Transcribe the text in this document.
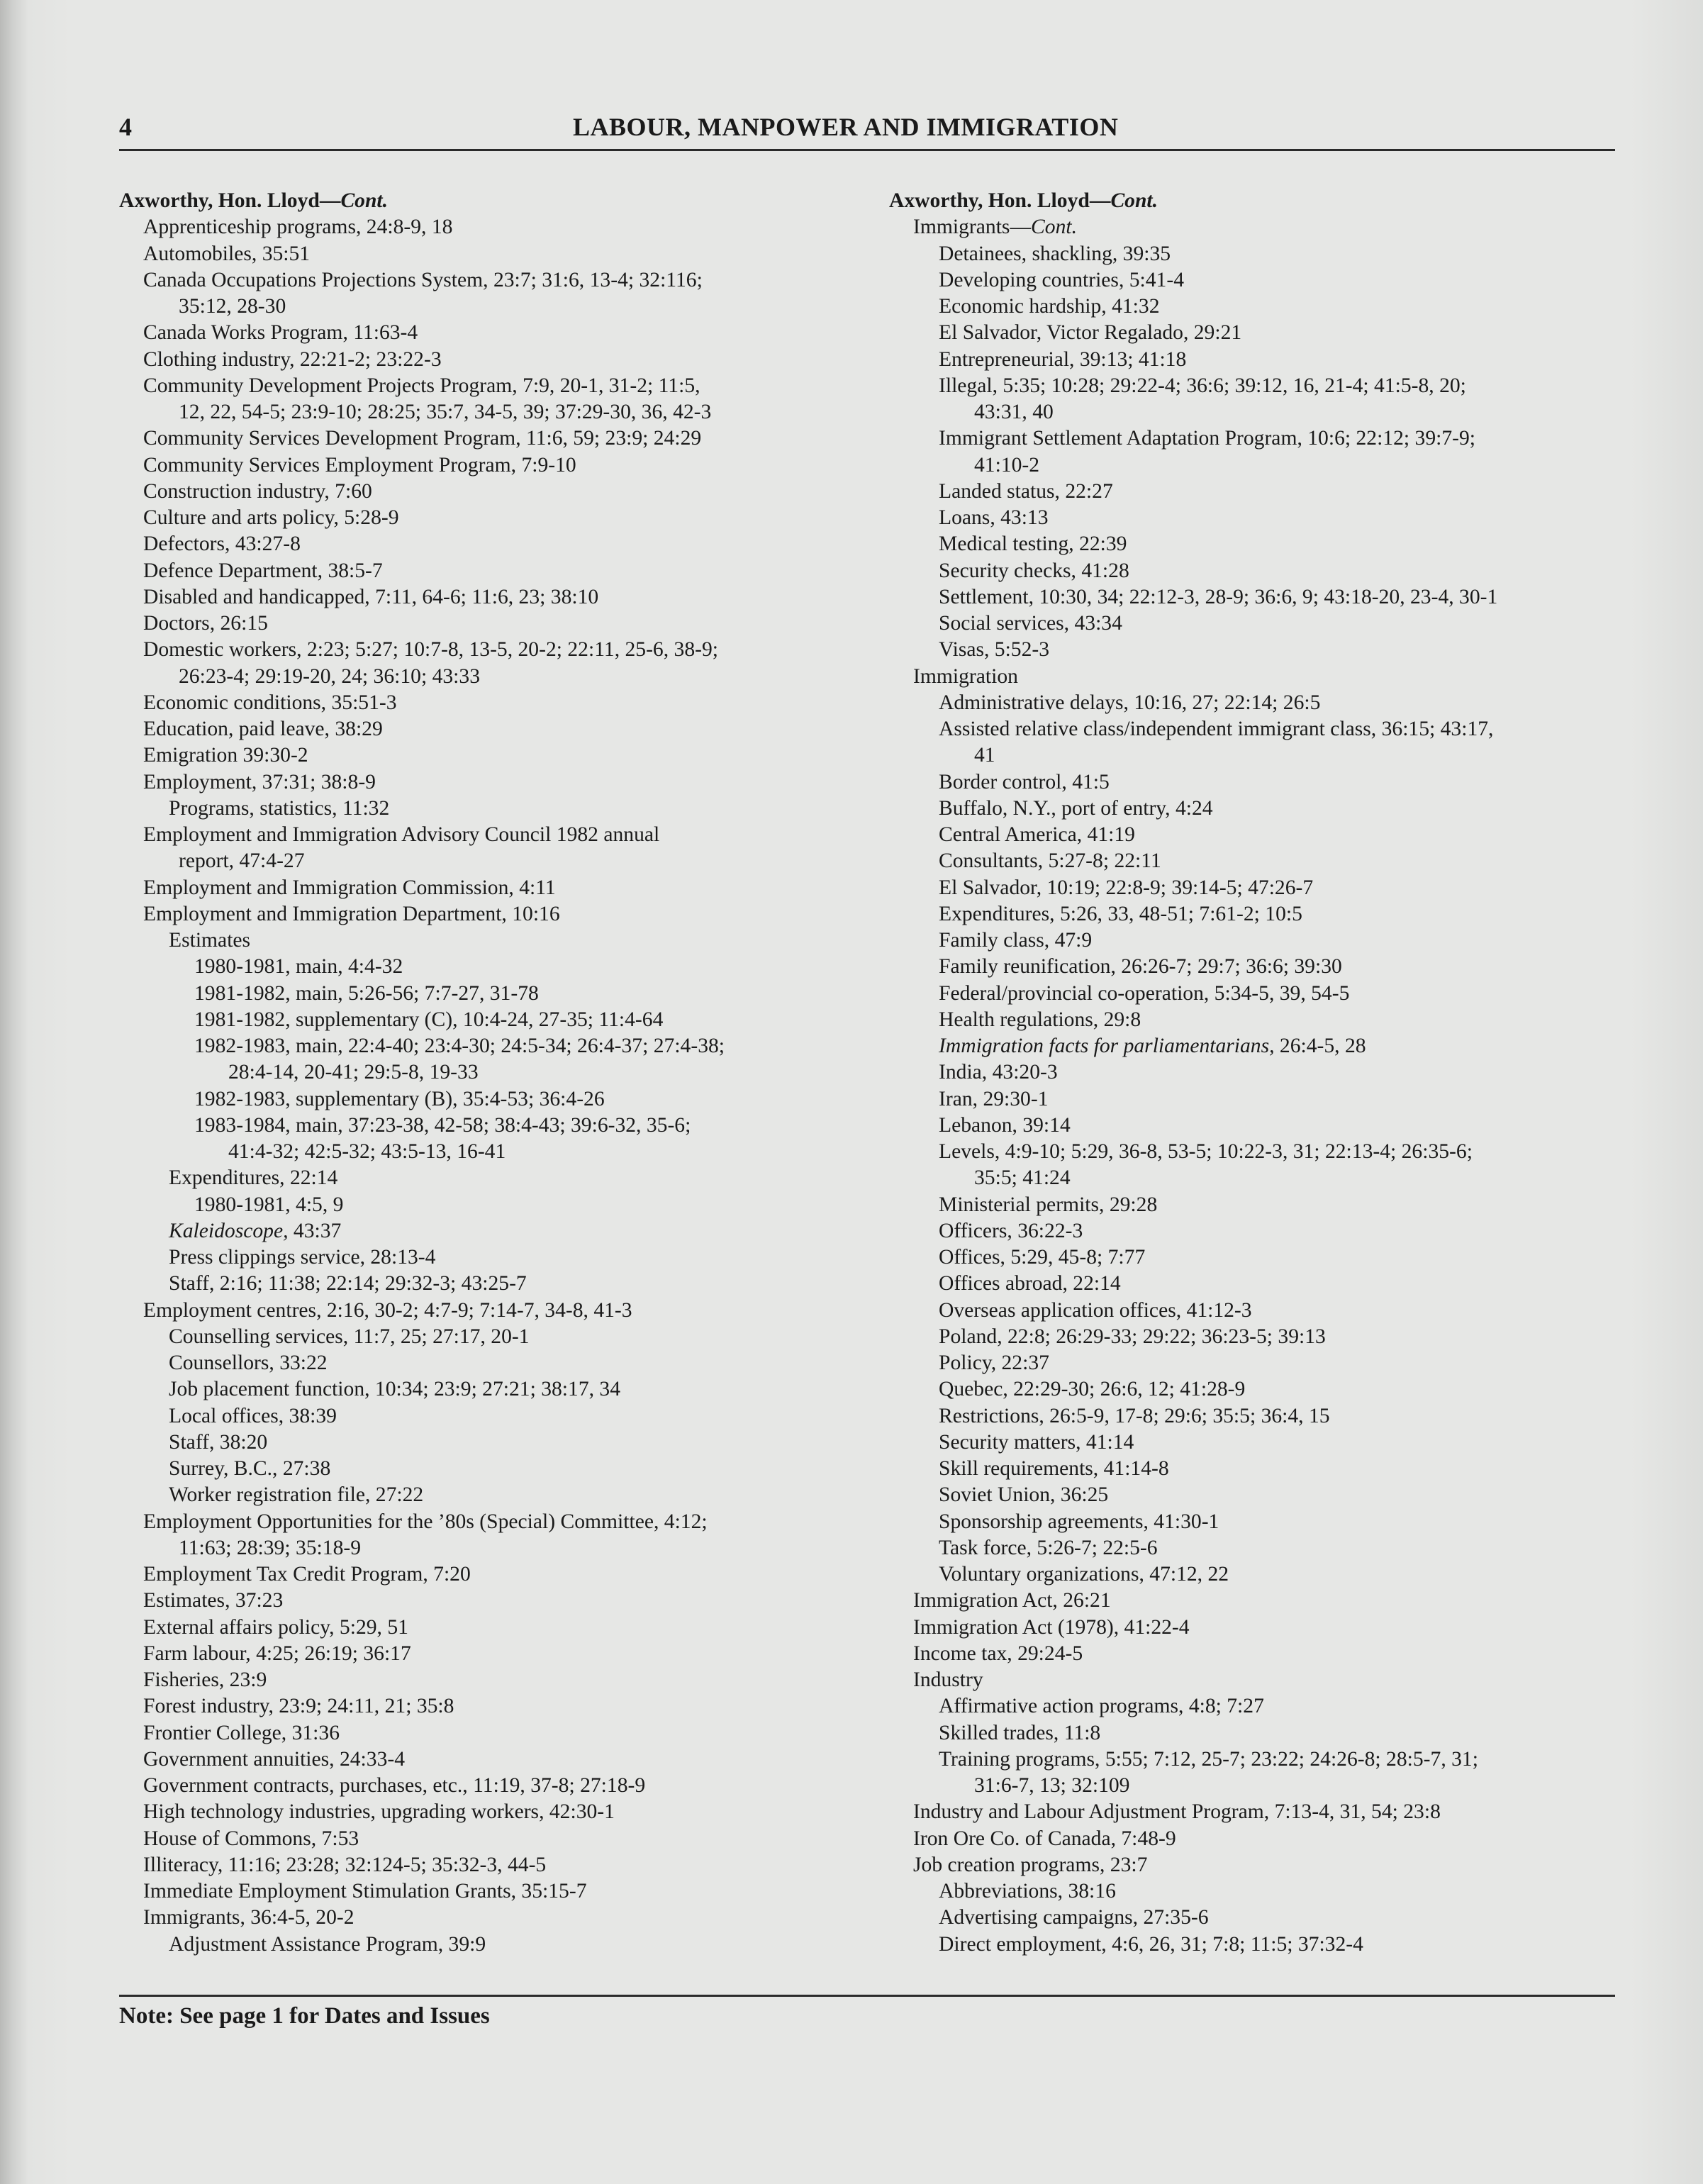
4	LABOUR, MANPOWER AND IMMIGRATION
Axworthy, Hon. Lloyd—Cont.
Apprenticeship programs, 24:8-9, 18
Automobiles, 35:51
Canada Occupations Projections System, 23:7; 31:6, 13-4; 32:116;
35:12, 28-30
Canada Works Program, 11:63-4
Clothing industry, 22:21-2; 23:22-3
Community Development Projects Program, 7:9, 20-1, 31-2; 11:5,
12, 22, 54-5; 23:9-10; 28:25; 35:7, 34-5, 39; 37:29-30, 36, 42-3
Community Services Development Program, 11:6, 59; 23:9; 24:29
Community Services Employment Program, 7:9-10
Construction industry, 7:60
Culture and arts policy, 5:28-9
Defectors, 43:27-8
Defence Department, 38:5-7
Disabled and handicapped, 7:11, 64-6; 11:6, 23; 38:10
Doctors, 26:15
Domestic workers, 2:23; 5:27; 10:7-8, 13-5, 20-2; 22:11, 25-6, 38-9;
26:23-4; 29:19-20, 24; 36:10; 43:33
Economic conditions, 35:51-3
Education, paid leave, 38:29
Emigration 39:30-2
Employment, 37:31; 38:8-9
Programs, statistics, 11:32
Employment and Immigration Advisory Council 1982 annual
report, 47:4-27
Employment and Immigration Commission, 4:11
Employment and Immigration Department, 10:16
Estimates
1980-1981, main, 4:4-32
1981-1982, main, 5:26-56; 7:7-27, 31-78
1981-1982, supplementary (C), 10:4-24, 27-35; 11:4-64
1982-1983, main, 22:4-40; 23:4-30; 24:5-34; 26:4-37; 27:4-38;
28:4-14, 20-41; 29:5-8, 19-33
1982-1983, supplementary (B), 35:4-53; 36:4-26
1983-1984, main, 37:23-38, 42-58; 38:4-43; 39:6-32, 35-6;
41:4-32; 42:5-32; 43:5-13, 16-41
Expenditures, 22:14
1980-1981, 4:5, 9
Kaleidoscope, 43:37
Press clippings service, 28:13-4
Staff, 2:16; 11:38; 22:14; 29:32-3; 43:25-7
Employment centres, 2:16, 30-2; 4:7-9; 7:14-7, 34-8, 41-3
Counselling services, 11:7, 25; 27:17, 20-1
Counsellors, 33:22
Job placement function, 10:34; 23:9; 27:21; 38:17, 34
Local offices, 38:39
Staff, 38:20
Surrey, B.C., 27:38
Worker registration file, 27:22
Employment Opportunities for the ’80s (Special) Committee, 4:12;
11:63; 28:39; 35:18-9
Employment Tax Credit Program, 7:20
Estimates, 37:23
External affairs policy, 5:29, 51
Farm labour, 4:25; 26:19; 36:17
Fisheries, 23:9
Forest industry, 23:9; 24:11, 21; 35:8
Frontier College, 31:36
Government annuities, 24:33-4
Government contracts, purchases, etc., 11:19, 37-8; 27:18-9
High technology industries, upgrading workers, 42:30-1
House of Commons, 7:53
Illiteracy, 11:16; 23:28; 32:124-5; 35:32-3, 44-5
Immediate Employment Stimulation Grants, 35:15-7
Immigrants, 36:4-5, 20-2
Adjustment Assistance Program, 39:9
Axworthy, Hon. Lloyd—Cont.
Immigrants—Cont.
Detainees, shackling, 39:35
Developing countries, 5:41-4
Economic hardship, 41:32
El Salvador, Victor Regalado, 29:21
Entrepreneurial, 39:13; 41:18
Illegal, 5:35; 10:28; 29:22-4; 36:6; 39:12, 16, 21-4; 41:5-8, 20;
43:31, 40
Immigrant Settlement Adaptation Program, 10:6; 22:12; 39:7-9;
41:10-2
Landed status, 22:27
Loans, 43:13
Medical testing, 22:39
Security checks, 41:28
Settlement, 10:30, 34; 22:12-3, 28-9; 36:6, 9; 43:18-20, 23-4, 30-1
Social services, 43:34
Visas, 5:52-3
Immigration
Administrative delays, 10:16, 27; 22:14; 26:5
Assisted relative class/independent immigrant class, 36:15; 43:17,
41
Border control, 41:5
Buffalo, N.Y., port of entry, 4:24
Central America, 41:19
Consultants, 5:27-8; 22:11
El Salvador, 10:19; 22:8-9; 39:14-5; 47:26-7
Expenditures, 5:26, 33, 48-51; 7:61-2; 10:5
Family class, 47:9
Family reunification, 26:26-7; 29:7; 36:6; 39:30
Federal/provincial co-operation, 5:34-5, 39, 54-5
Health regulations, 29:8
Immigration facts for parliamentarians, 26:4-5, 28
India, 43:20-3
Iran, 29:30-1
Lebanon, 39:14
Levels, 4:9-10; 5:29, 36-8, 53-5; 10:22-3, 31; 22:13-4; 26:35-6;
35:5; 41:24
Ministerial permits, 29:28
Officers, 36:22-3
Offices, 5:29, 45-8; 7:77
Offices abroad, 22:14
Overseas application offices, 41:12-3
Poland, 22:8; 26:29-33; 29:22; 36:23-5; 39:13
Policy, 22:37
Quebec, 22:29-30; 26:6, 12; 41:28-9
Restrictions, 26:5-9, 17-8; 29:6; 35:5; 36:4, 15
Security matters, 41:14
Skill requirements, 41:14-8
Soviet Union, 36:25
Sponsorship agreements, 41:30-1
Task force, 5:26-7; 22:5-6
Voluntary organizations, 47:12, 22
Immigration Act, 26:21
Immigration Act (1978), 41:22-4
Income tax, 29:24-5
Industry
Affirmative action programs, 4:8; 7:27
Skilled trades, 11:8
Training programs, 5:55; 7:12, 25-7; 23:22; 24:26-8; 28:5-7, 31;
31:6-7, 13; 32:109
Industry and Labour Adjustment Program, 7:13-4, 31, 54; 23:8
Iron Ore Co. of Canada, 7:48-9
Job creation programs, 23:7
Abbreviations, 38:16
Advertising campaigns, 27:35-6
Direct employment, 4:6, 26, 31; 7:8; 11:5; 37:32-4
Note: See page 1 for Dates and Issues
